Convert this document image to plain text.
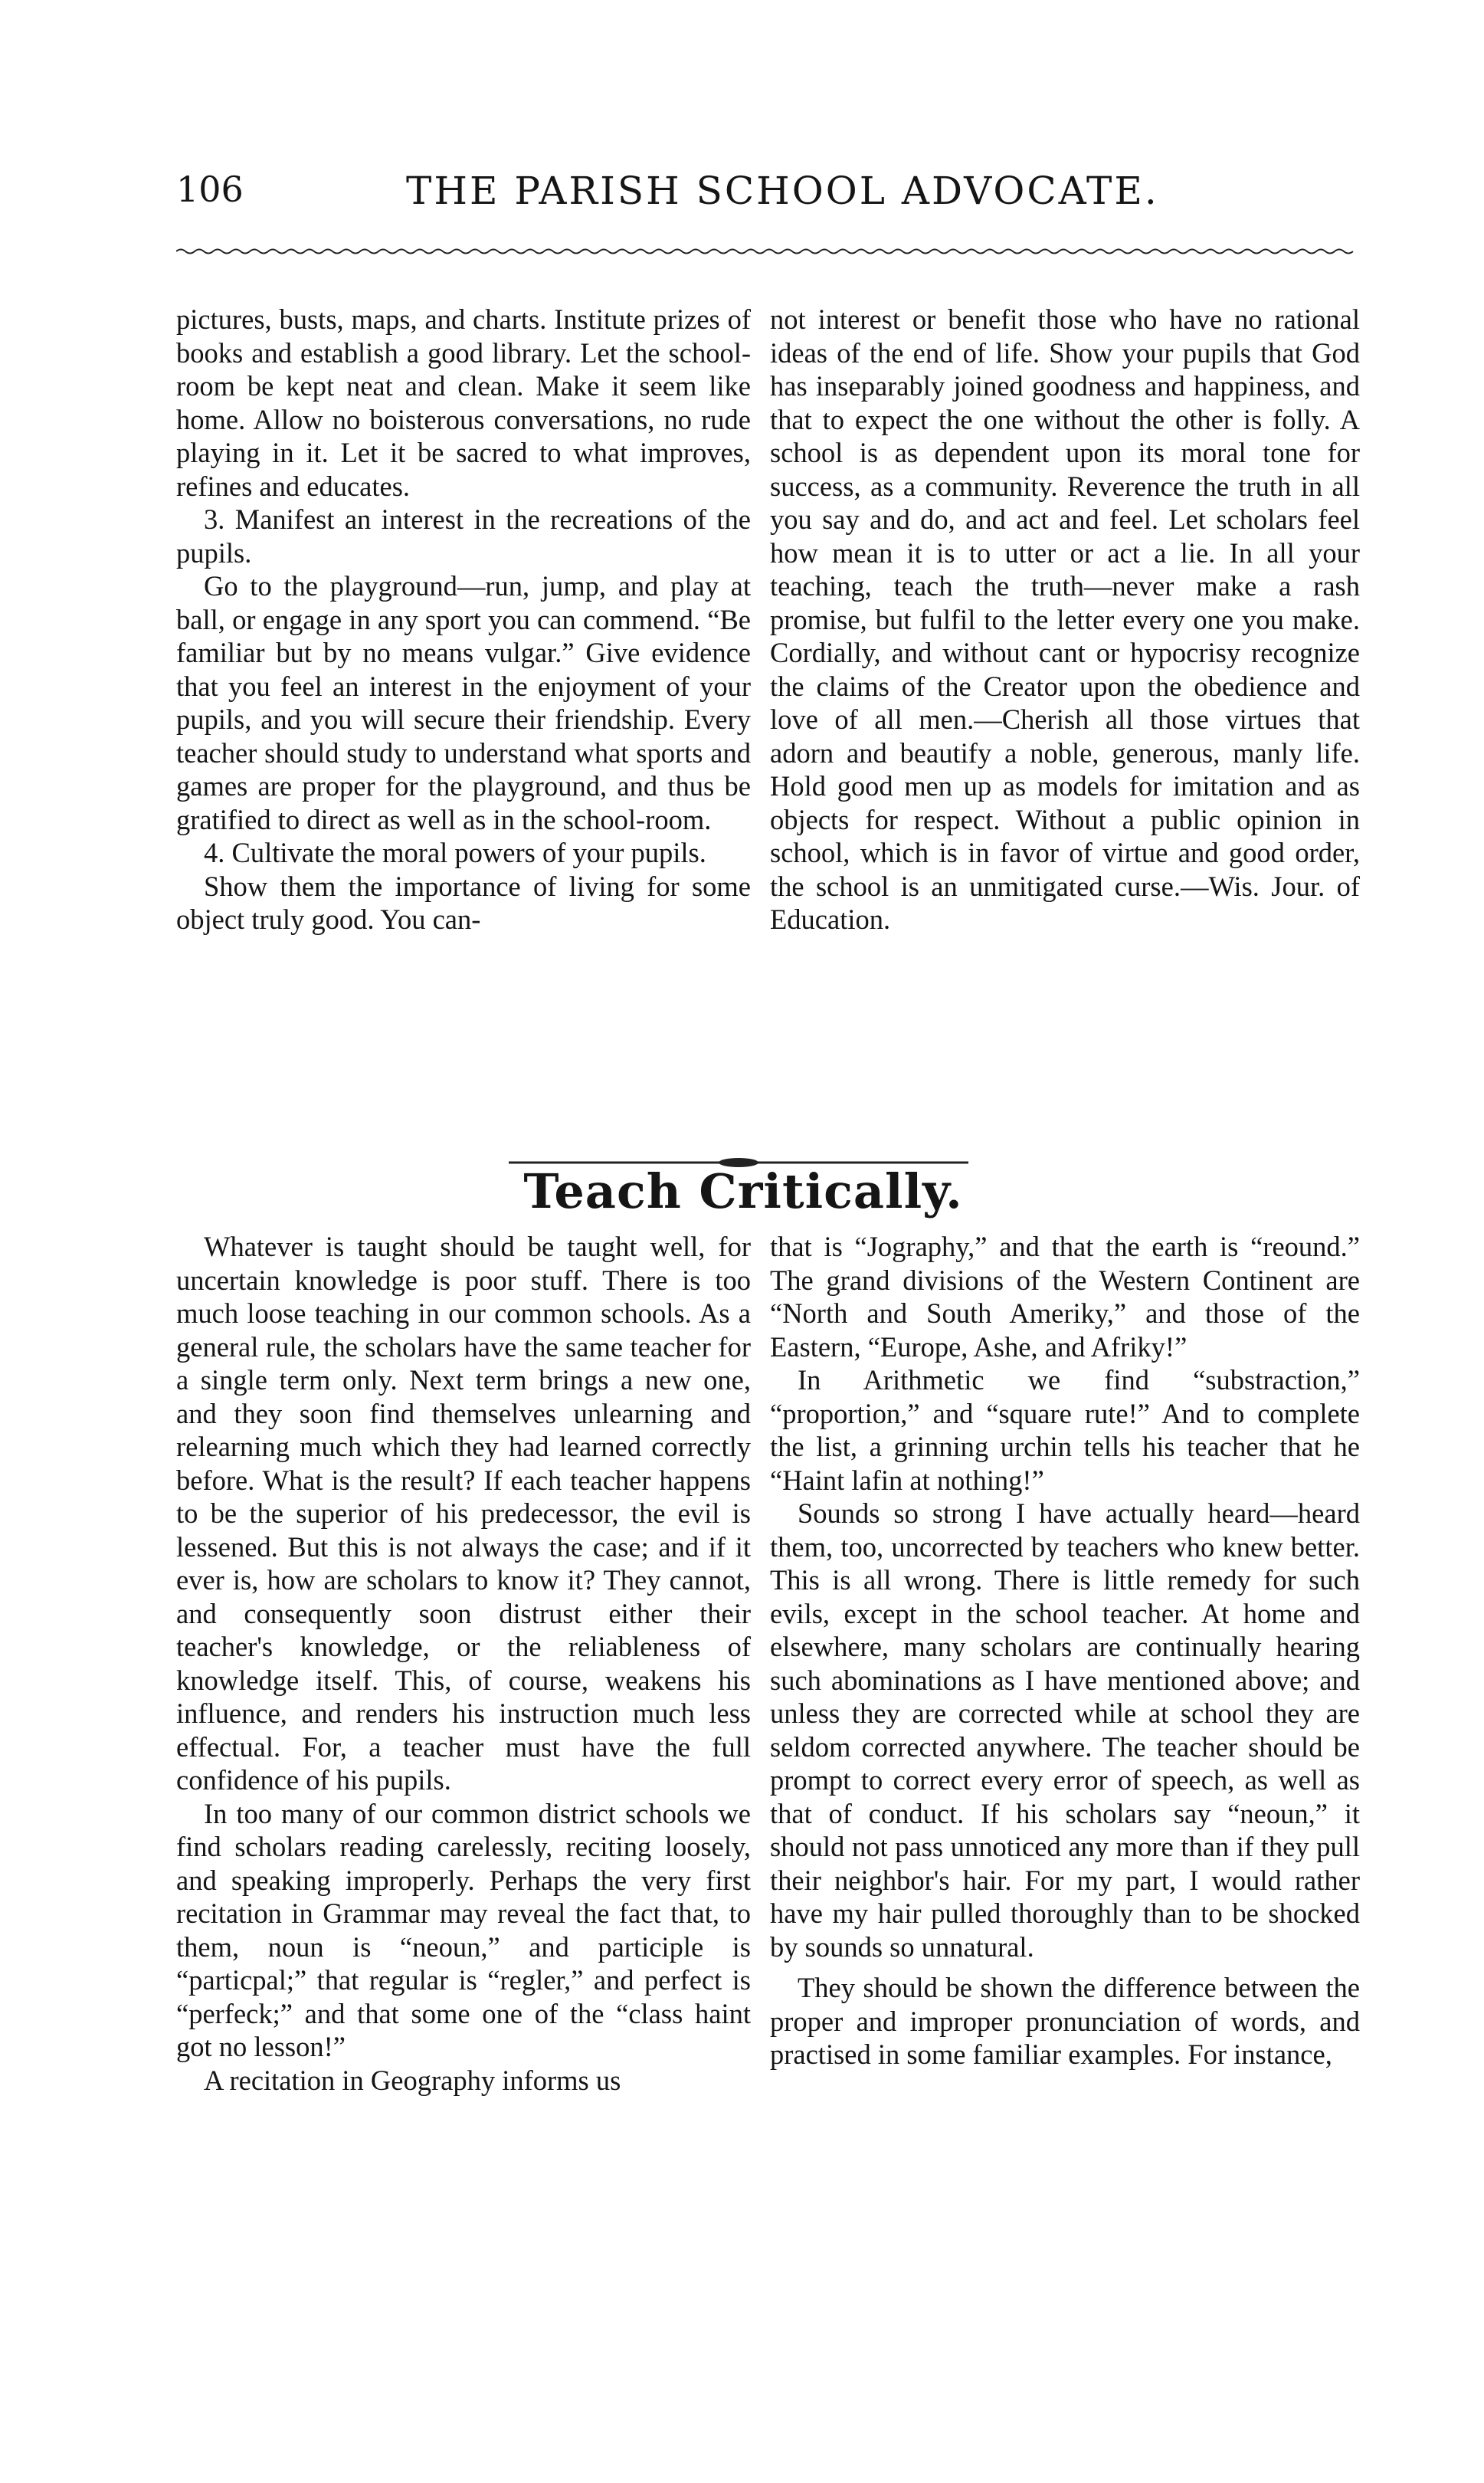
106	THE PARISH SCHOOL ADVOCATE.

pictures, busts, maps, and charts. Institute prizes of books and establish a good library. Let the school-room be kept neat and clean. Make it seem like home. Allow no boisterous conversations, no rude playing in it. Let it be sacred to what improves, refines and educates.

3. Manifest an interest in the recreations of the pupils.

Go to the playground—run, jump, and play at ball, or engage in any sport you can commend. “Be familiar but by no means vulgar.” Give evidence that you feel an interest in the enjoyment of your pupils, and you will secure their friendship. Every teacher should study to understand what sports and games are proper for the playground, and thus be gratified to direct as well as in the school-room.

4. Cultivate the moral powers of your pupils.

Show them the importance of living for some object truly good. You can-

not interest or benefit those who have no rational ideas of the end of life. Show your pupils that God has inseparably joined goodness and happiness, and that to expect the one without the other is folly. A school is as dependent upon its moral tone for success, as a community. Reverence the truth in all you say and do, and act and feel. Let scholars feel how mean it is to utter or act a lie. In all your teaching, teach the truth—never make a rash promise, but fulfil to the letter every one you make. Cordially, and without cant or hypocrisy recognize the claims of the Creator upon the obedience and love of all men.—Cherish all those virtues that adorn and beautify a noble, generous, manly life. Hold good men up as models for imitation and as objects for respect. Without a public opinion in school, which is in favor of virtue and good order, the school is an unmitigated curse.—Wis. Jour. of Education.

Teach Critically.

Whatever is taught should be taught well, for uncertain knowledge is poor stuff. There is too much loose teaching in our common schools. As a general rule, the scholars have the same teacher for a single term only. Next term brings a new one, and they soon find themselves unlearning and relearning much which they had learned correctly before. What is the result? If each teacher happens to be the superior of his predecessor, the evil is lessened. But this is not always the case; and if it ever is, how are scholars to know it? They cannot, and consequently soon distrust either their teacher's knowledge, or the reliableness of knowledge itself. This, of course, weakens his influence, and renders his instruction much less effectual. For, a teacher must have the full confidence of his pupils.

In too many of our common district schools we find scholars reading carelessly, reciting loosely, and speaking improperly. Perhaps the very first recitation in Grammar may reveal the fact that, to them, noun is “neoun,” and participle is “particpal;” that regular is “regler,” and perfect is “perfeck;” and that some one of the “class haint got no lesson!”

A recitation in Geography informs us

that is “Jography,” and that the earth is “reound.” The grand divisions of the Western Continent are “North and South Ameriky,” and those of the Eastern, “Europe, Ashe, and Afriky!”

In Arithmetic we find “substraction,” “proportion,” and “square rute!” And to complete the list, a grinning urchin tells his teacher that he “Haint lafin at nothing!”

Sounds so strong I have actually heard—heard them, too, uncorrected by teachers who knew better. This is all wrong. There is little remedy for such evils, except in the school teacher. At home and elsewhere, many scholars are continually hearing such abominations as I have mentioned above; and unless they are corrected while at school they are seldom corrected anywhere. The teacher should be prompt to correct every error of speech, as well as that of conduct. If his scholars say “neoun,” it should not pass unnoticed any more than if they pull their neighbor's hair. For my part, I would rather have my hair pulled thoroughly than to be shocked by sounds so unnatural.

They should be shown the difference between the proper and improper pronunciation of words, and practised in some familiar examples. For instance,
